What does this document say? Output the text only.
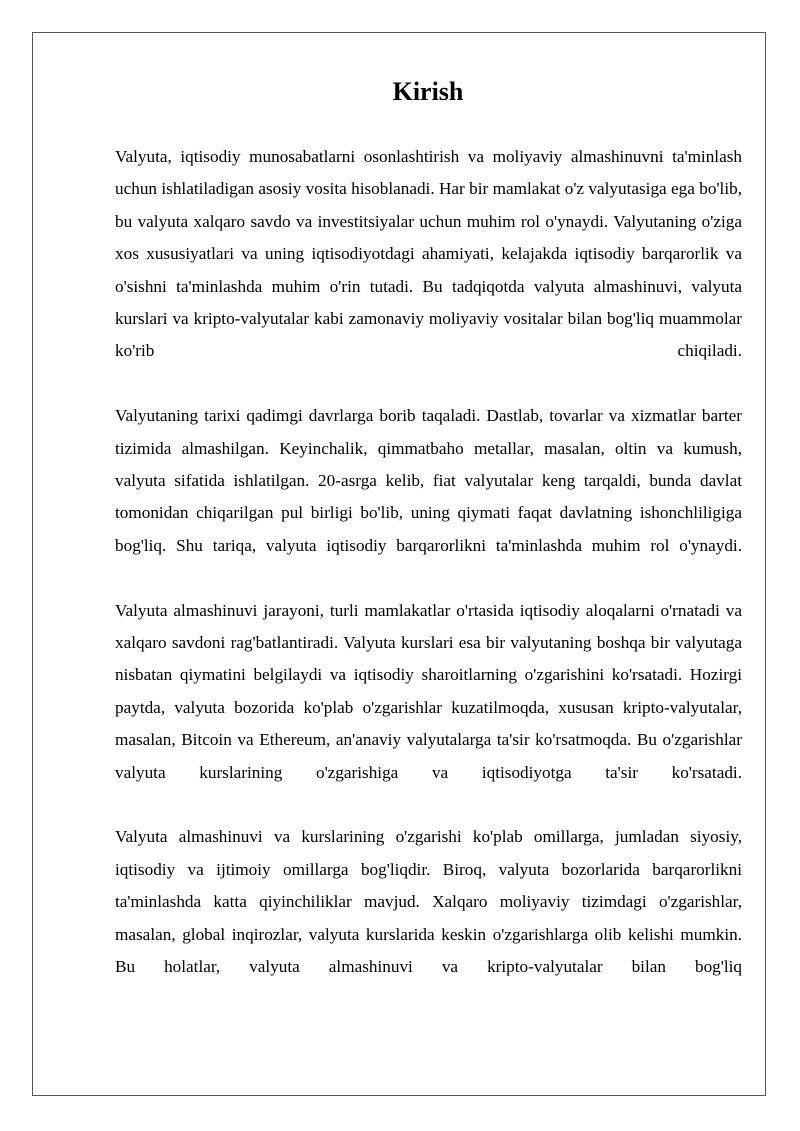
Kirish

Valyuta, iqtisodiy munosabatlarni osonlashtirish va moliyaviy almashinuvni ta'minlash uchun ishlatiladigan asosiy vosita hisoblanadi. Har bir mamlakat o'z valyutasiga ega bo'lib, bu valyuta xalqaro savdo va investitsiyalar uchun muhim rol o'ynaydi. Valyutaning o'ziga xos xususiyatlari va uning iqtisodiyotdagi ahamiyati, kelajakda iqtisodiy barqarorlik va o'sishni ta'minlashda muhim o'rin tutadi. Bu tadqiqotda valyuta almashinuvi, valyuta kurslari va kripto-valyutalar kabi zamonaviy moliyaviy vositalar bilan bog'liq muammolar ko'rib chiqiladi.

Valyutaning tarixi qadimgi davrlarga borib taqaladi. Dastlab, tovarlar va xizmatlar barter tizimida almashilgan. Keyinchalik, qimmatbaho metallar, masalan, oltin va kumush, valyuta sifatida ishlatilgan. 20-asrga kelib, fiat valyutalar keng tarqaldi, bunda davlat tomonidan chiqarilgan pul birligi bo'lib, uning qiymati faqat davlatning ishonchliligiga bog'liq. Shu tariqa, valyuta iqtisodiy barqarorlikni ta'minlashda muhim rol o'ynaydi.

Valyuta almashinuvi jarayoni, turli mamlakatlar o'rtasida iqtisodiy aloqalarni o'rnatadi va xalqaro savdoni rag'batlantiradi. Valyuta kurslari esa bir valyutaning boshqa bir valyutaga nisbatan qiymatini belgilaydi va iqtisodiy sharoitlarning o'zgarishini ko'rsatadi. Hozirgi paytda, valyuta bozorida ko'plab o'zgarishlar kuzatilmoqda, xususan kripto-valyutalar, masalan, Bitcoin va Ethereum, an'anaviy valyutalarga ta'sir ko'rsatmoqda. Bu o'zgarishlar valyuta kurslarining o'zgarishiga va iqtisodiyotga ta'sir ko'rsatadi.

Valyuta almashinuvi va kurslarining o'zgarishi ko'plab omillarga, jumladan siyosiy, iqtisodiy va ijtimoiy omillarga bog'liqdir. Biroq, valyuta bozorlarida barqarorlikni ta'minlashda katta qiyinchiliklar mavjud. Xalqaro moliyaviy tizimdagi o'zgarishlar, masalan, global inqirozlar, valyuta kurslarida keskin o'zgarishlarga olib kelishi mumkin. Bu holatlar, valyuta almashinuvi va kripto-valyutalar bilan bog'liq
